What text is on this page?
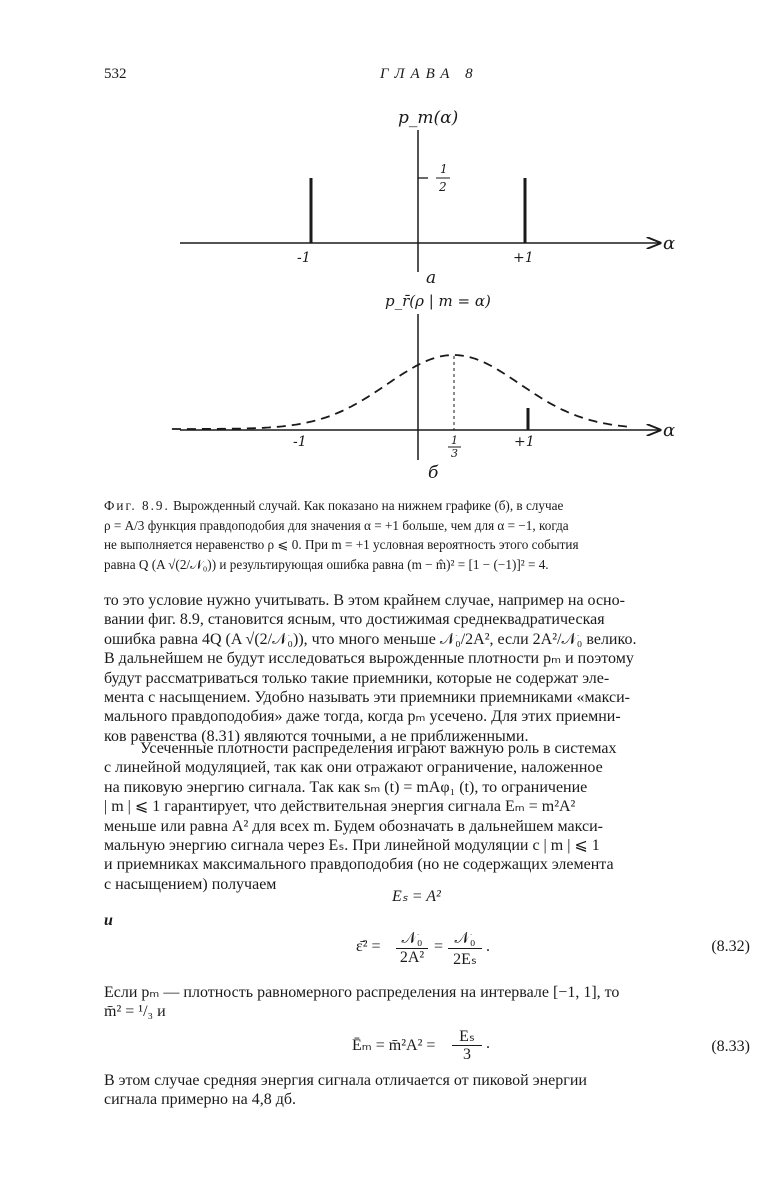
532	ГЛАВА 8
1
2
p_m(α)
α
-1	+1
a
p_r̄(ρ | m = α)
α
-1	+1
1
3
б
Фиг. 8.9. Вырожденный случай. Как показано на нижнем графике (б), в случае
ρ = A/3 функция правдоподобия для значения α = +1 больше, чем для α = −1, когда
не выполняется неравенство ρ ⩽ 0. При m = +1 условная вероятность этого события
равна Q (A √(2/𝒩₀)) и результирующая ошибка равна (m − m̂)² = [1 − (−1)]² = 4.
то это условие нужно учитывать. В этом крайнем случае, например на осно-
вании фиг. 8.9, становится ясным, что достижимая среднеквадратическая
ошибка равна 4Q (A √(2/𝒩₀)), что много меньше 𝒩₀/2A², если 2A²/𝒩₀ велико.
В дальнейшем не будут исследоваться вырожденные плотности pₘ и поэтому
будут рассматриваться только такие приемники, которые не содержат эле-
мента с насыщением. Удобно называть эти приемники приемниками «макси-
мального правдоподобия» даже тогда, когда pₘ усечено. Для этих приемни-
ков равенства (8.31) являются точными, а не приближенными.
Усеченные плотности распределения играют важную роль в системах
с линейной модуляцией, так как они отражают ограничение, наложенное
на пиковую энергию сигнала. Так как sₘ (t) = mAφ₁ (t), то ограничение
| m | ⩽ 1 гарантирует, что действительная энергия сигнала Eₘ = m²A²
меньше или равна A² для всех m. Будем обозначать в дальнейшем макси-
мальную энергию сигнала через Eₛ. При линейной модуляции с | m | ⩽ 1
и приемниках максимального правдоподобия (но не содержащих элемента
с насыщением) получаем
Eₛ = A²
и
ε̄² =	𝒩₀
2A²
= 𝒩₀
2Eₛ
.	(8.32)
Если pₘ — плотность равномерного распределения на интервале [−1, 1], то
m̄² = ¹/₃ и
Ēₘ = m̄²A² =
Eₛ
3
.	(8.33)
В этом случае средняя энергия сигнала отличается от пиковой энергии
сигнала примерно на 4,8 дб.
